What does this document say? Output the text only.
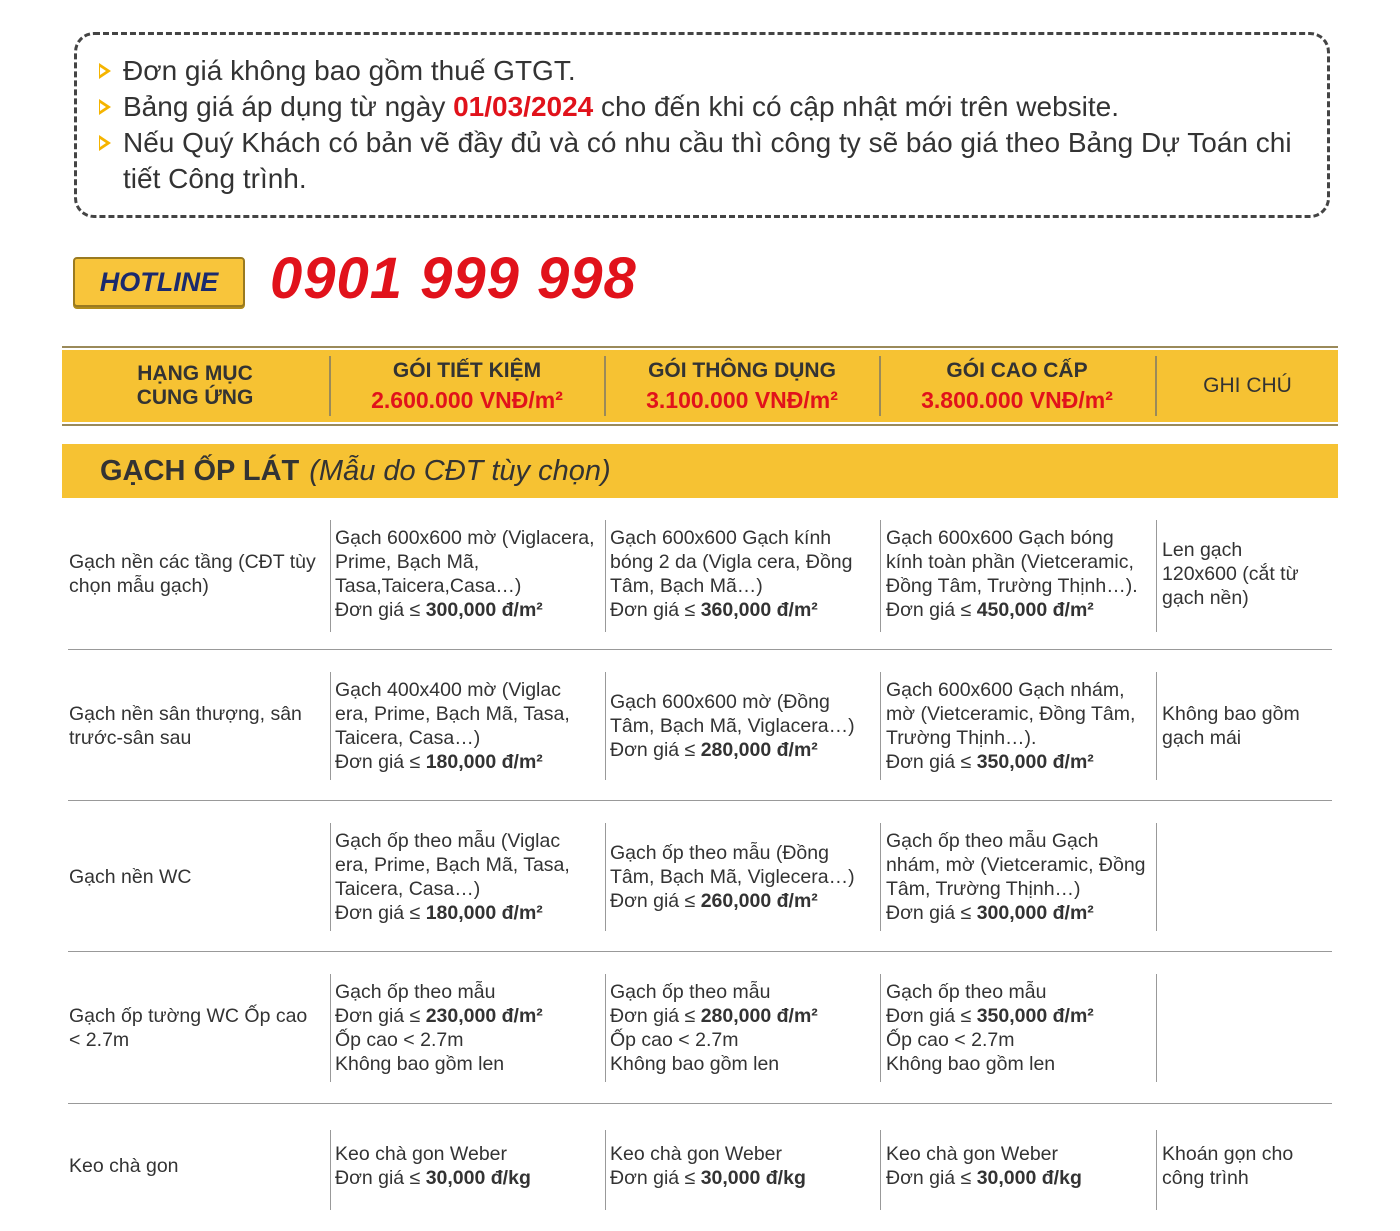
Đơn giá không bao gồm thuế GTGT.
Bảng giá áp dụng từ ngày 01/03/2024 cho đến khi có cập nhật mới trên website.
Nếu Quý Khách có bản vẽ đầy đủ và có nhu cầu thì công ty sẽ báo giá theo Bảng Dự Toán chi tiết Công trình.
HOTLINE 0901 999 998
HẠNG MỤC
CUNG ỨNG
GÓI TIẾT KIỆM
2.600.000 VNĐ/m²
GÓI THÔNG DỤNG
3.100.000 VNĐ/m²
GÓI CAO CẤP
3.800.000 VNĐ/m²
GHI CHÚ
GẠCH ỐP LÁT (Mẫu do CĐT tùy chọn)
Gạch nền các tầng (CĐT tùy chọn mẫu gạch)
Gạch 600x600 mờ (Viglacera, Prime, Bạch Mã, Tasa,Taicera,Casa…)
Đơn giá ≤ 300,000 đ/m²
Gạch 600x600 Gạch kính bóng 2 da (Vigla cera, Đồng Tâm, Bạch Mã…)
Đơn giá ≤ 360,000 đ/m²
Gạch 600x600 Gạch bóng kính toàn phần (Vietceramic, Đồng Tâm, Trường Thịnh…). Đơn giá ≤ 450,000 đ/m²
Len gạch 120x600 (cắt từ gạch nền)
Gạch nền sân thượng, sân trước-sân sau
Gạch 400x400 mờ (Viglac era, Prime, Bạch Mã, Tasa, Taicera, Casa…)
Đơn giá ≤ 180,000 đ/m²
Gạch 600x600 mờ (Đồng Tâm, Bạch Mã, Viglacera…)
Đơn giá ≤ 280,000 đ/m²
Gạch 600x600 Gạch nhám, mờ (Vietceramic, Đồng Tâm, Trường Thịnh…).
Đơn giá ≤ 350,000 đ/m²
Không bao gồm gạch mái
Gạch nền WC
Gạch ốp theo mẫu (Viglac era, Prime, Bạch Mã, Tasa, Taicera, Casa…)
Đơn giá ≤ 180,000 đ/m²
Gạch ốp theo mẫu (Đồng Tâm, Bạch Mã, Viglecera…)
Đơn giá ≤ 260,000 đ/m²
Gạch ốp theo mẫu Gạch nhám, mờ (Vietceramic, Đồng Tâm, Trường Thịnh…)
Đơn giá ≤ 300,000 đ/m²
Gạch ốp tường WC Ốp cao < 2.7m
Gạch ốp theo mẫu
Đơn giá ≤ 230,000 đ/m²
Ốp cao < 2.7m
Không bao gồm len
Gạch ốp theo mẫu
Đơn giá ≤ 280,000 đ/m²
Ốp cao < 2.7m
Không bao gồm len
Gạch ốp theo mẫu
Đơn giá ≤ 350,000 đ/m²
Ốp cao < 2.7m
Không bao gồm len
Keo chà gon
Keo chà gon Weber
Đơn giá ≤ 30,000 đ/kg
Keo chà gon Weber
Đơn giá ≤ 30,000 đ/kg
Keo chà gon Weber
Đơn giá ≤ 30,000 đ/kg
Khoán gọn cho công trình
